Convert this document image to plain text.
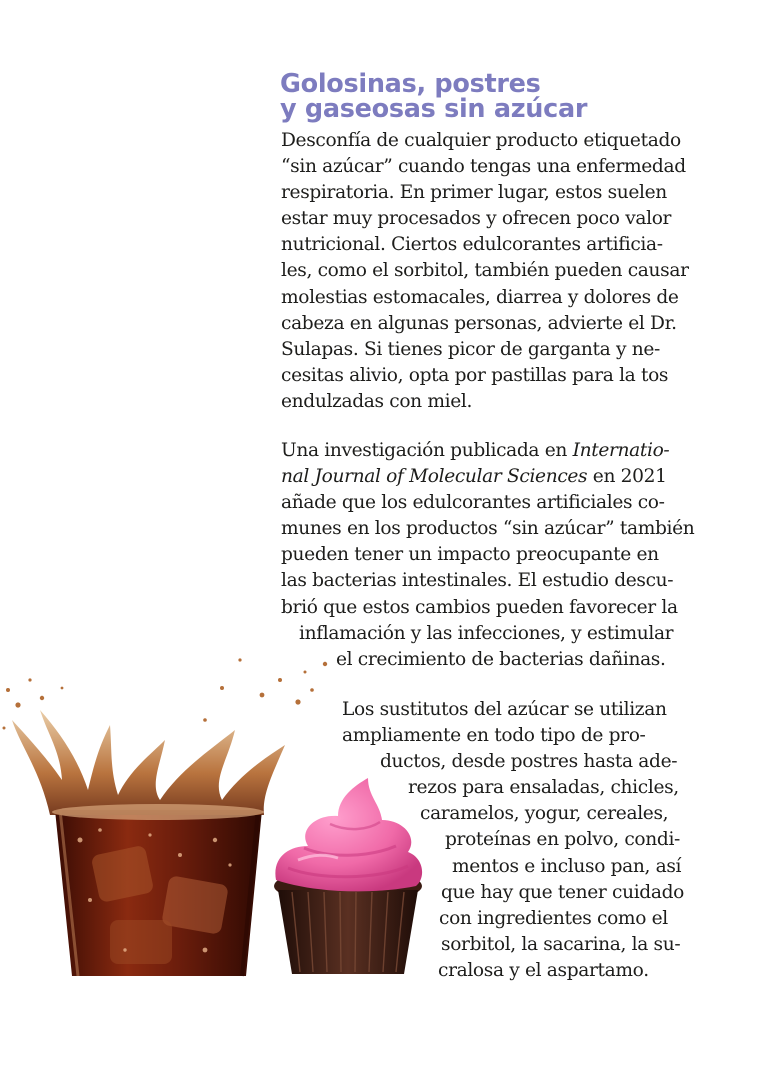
Golosinas, postres
y gaseosas sin azúcar
Desconfía de cualquier producto etiquetado
“sin azúcar” cuando tengas una enfermedad
respiratoria. En primer lugar, estos suelen
estar muy procesados y ofrecen poco valor
nutricional. Ciertos edulcorantes artificia-
les, como el sorbitol, también pueden causar
molestias estomacales, diarrea y dolores de
cabeza en algunas personas, advierte el Dr.
Sulapas. Si tienes picor de garganta y ne-
cesitas alivio, opta por pastillas para la tos
endulzadas con miel.
Una investigación publicada en Internatio-
nal Journal of Molecular Sciences en 2021
añade que los edulcorantes artificiales co-
munes en los productos “sin azúcar” también
pueden tener un impacto preocupante en
las bacterias intestinales. El estudio descu-
brió que estos cambios pueden favorecer la
inflamación y las infecciones, y estimular
el crecimiento de bacterias dañinas.
Los sustitutos del azúcar se utilizan
ampliamente en todo tipo de pro-
ductos, desde postres hasta ade-
rezos para ensaladas, chicles,
caramelos, yogur, cereales,
proteínas en polvo, condi-
mentos e incluso pan, así
que hay que tener cuidado
con ingredientes como el
sorbitol, la sacarina, la su-
cralosa y el aspartamo.
